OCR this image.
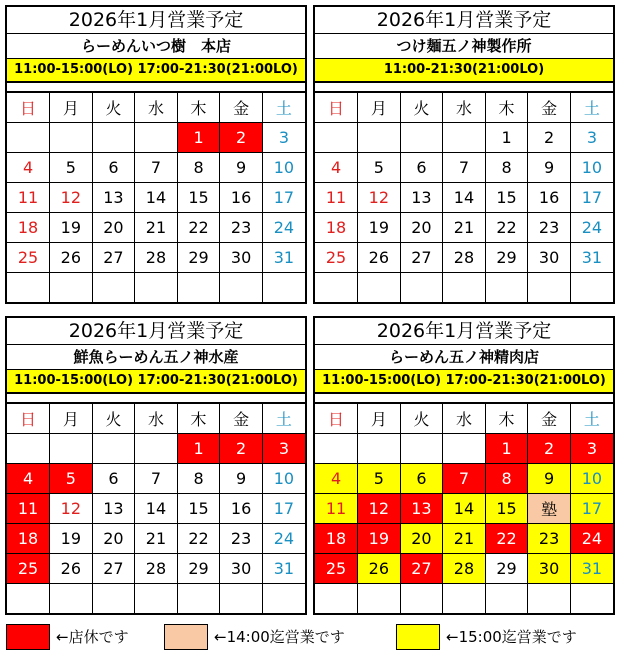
2026年1月営業予定
らーめんいつ樹　本店
11:00-15:00(LO) 17:00-21:30(21:00LO)
日	月	火	水	木	金	土
				1	2	3
4	5	6	7	8	9	10
11	12	13	14	15	16	17
18	19	20	21	22	23	24
25	26	27	28	29	30	31

2026年1月営業予定
つけ麺五ノ神製作所
11:00-21:30(21:00LO)
日	月	火	水	木	金	土
				1	2	3
4	5	6	7	8	9	10
11	12	13	14	15	16	17
18	19	20	21	22	23	24
25	26	27	28	29	30	31

2026年1月営業予定
鮮魚らーめん五ノ神水産
11:00-15:00(LO) 17:00-21:30(21:00LO)
日	月	火	水	木	金	土
				1	2	3
4	5	6	7	8	9	10
11	12	13	14	15	16	17
18	19	20	21	22	23	24
25	26	27	28	29	30	31

2026年1月営業予定
らーめん五ノ神精肉店
11:00-15:00(LO) 17:00-21:30(21:00LO)
日	月	火	水	木	金	土
				1	2	3
4	5	6	7	8	9	10
11	12	13	14	15	塾	17
18	19	20	21	22	23	24
25	26	27	28	29	30	31

←店休です	←14:00迄営業です	←15:00迄営業です
